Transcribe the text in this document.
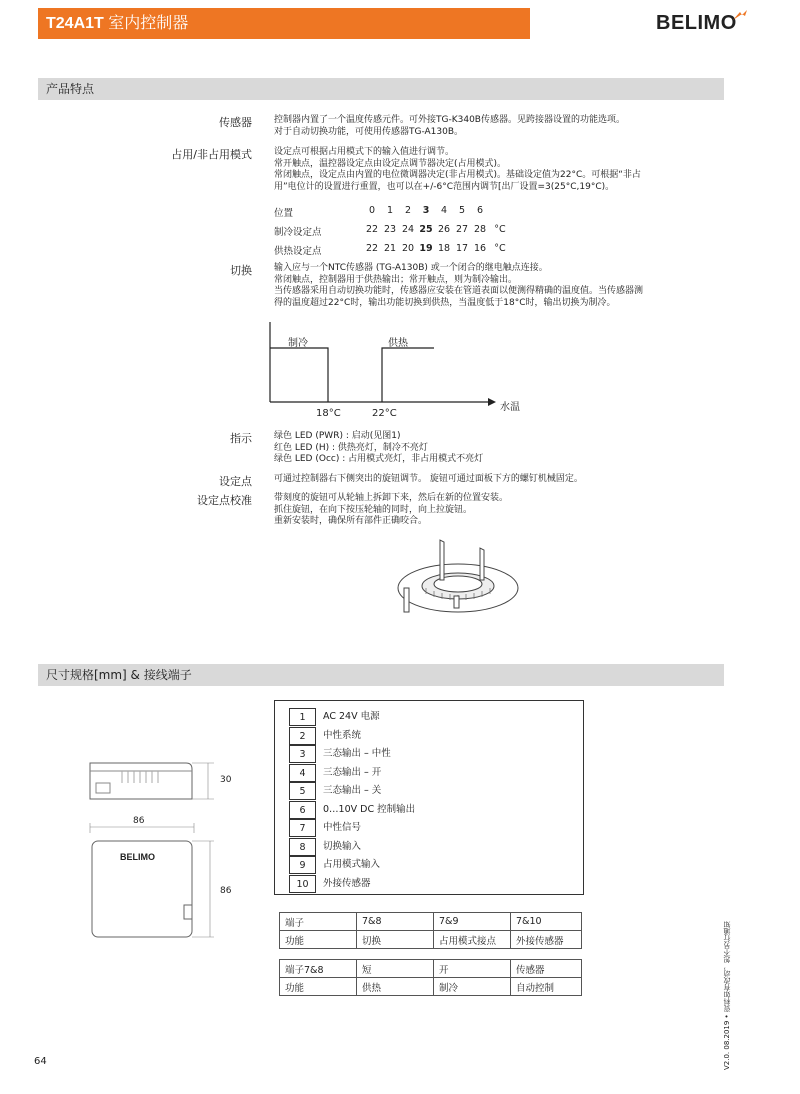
T24A1T 室内控制器	BELIMO
产品特点
传感器 控制器内置了一个温度传感元件。可外接TG-K340B传感器。见跨接器设置的功能选项。
对于自动切换功能，可使用传感器TG-A130B。
占用/非占用模式 设定点可根据占用模式下的输入值进行调节。
常开触点，温控器设定点由设定点调节器决定(占用模式)。
常闭触点，设定点由内置的电位微调器决定(非占用模式)。基础设定值为22°C。可根据“非占
用”电位计的设置进行重置，也可以在+/-6°C范围内调节[出厂设置=3(25°C,19°C)。
位置	0	1	2	3	4	5	6
制冷设定点	22 23 24 25 26 27 28 °C
供热设定点	22 21 20 19 18 17 16 °C
切换 输入应与一个NTC传感器 (TG-A130B) 或一个闭合的继电触点连接。
常闭触点，控制器用于供热输出；常开触点，则为制冷输出。
当传感器采用自动切换功能时，传感器应安装在管道表面以便测得精确的温度值。当传感器测
得的温度超过22°C时，输出功能切换到供热，当温度低于18°C时，输出切换为制冷。
制冷	供热
18°C	22°C
水温
指示 绿色 LED (PWR) : 启动(见图1)
红色 LED (H) : 供热亮灯，制冷不亮灯
绿色 LED (Occ) : 占用模式亮灯，非占用模式不亮灯
设定点 可通过控制器右下侧突出的旋钮调节。 旋钮可通过面板下方的螺钉机械固定。
设定点校准 带刻度的旋钮可从轮轴上拆卸下来，然后在新的位置安装。
抓住旋钮，在向下按压轮轴的同时，向上拉旋钮。
重新安装时，确保所有部件正确咬合。
尺寸规格[mm] & 接线端子
30
86
86
BELIMO
1	AC 24V 电源
2	中性系统
3	三态输出 – 中性
4	三态输出 – 开
5	三态输出 – 关
6	0…10V DC 控制输出
7	中性信号
8	切换输入
9	占用模式输入
10	外接传感器
端子	7&8	7&9	7&10
功能	切换	占用模式接点	外接传感器
端子7&8	短	开	传感器
功能	供热	制冷	自动控制	V2.0. 08.2019 • 资料如有改动，恕不另行通知
64
